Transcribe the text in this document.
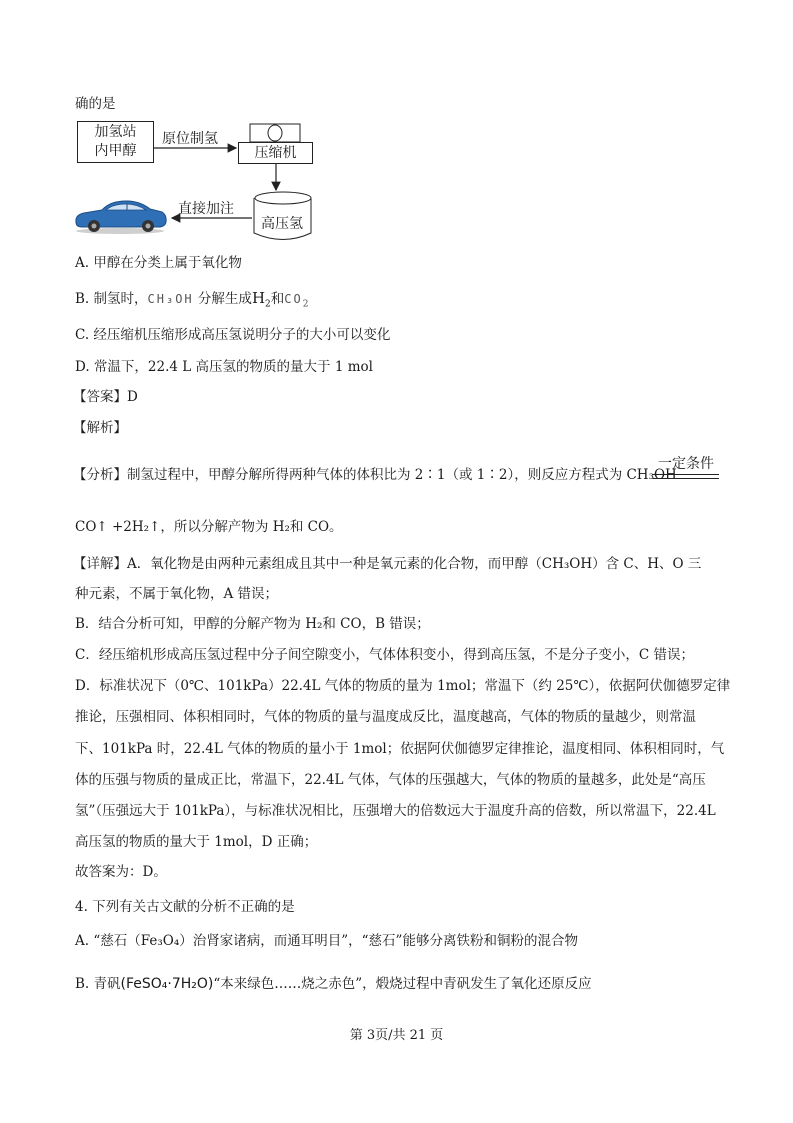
确的是
加氢站
内甲醇
原位制氢
压缩机
高压氢
直接加注
A. 甲醇在分类上属于氧化物
B. 制氢时，CH₃OH 分解生成$H_2$和$CO_2$
C. 经压缩机压缩形成高压氢说明分子的大小可以变化
D. 常温下，22.4 L 高压氢的物质的量大于 1 mol
【答案】D
【解析】
【分析】制氢过程中，甲醇分解所得两种气体的体积比为 2∶1（或 1∶2），则反应方程式为 CH₃OH
一定条件
CO↑ +2H₂↑，所以分解产物为 H₂和 CO。
【详解】A．氧化物是由两种元素组成且其中一种是氧元素的化合物，而甲醇（CH₃OH）含 C、H、O 三
种元素，不属于氧化物，A 错误；
B．结合分析可知，甲醇的分解产物为 H₂和 CO，B 错误；
C．经压缩机形成高压氢过程中分子间空隙变小，气体体积变小，得到高压氢，不是分子变小，C 错误；
D．标准状况下（0℃、101kPa）22.4L 气体的物质的量为 1mol；常温下（约 25℃），依据阿伏伽德罗定律
推论，压强相同、体积相同时，气体的物质的量与温度成反比，温度越高，气体的物质的量越少，则常温
下、101kPa 时，22.4L 气体的物质的量小于 1mol；依据阿伏伽德罗定律推论，温度相同、体积相同时，气
体的压强与物质的量成正比，常温下，22.4L 气体，气体的压强越大，气体的物质的量越多，此处是“高压
氢”（压强远大于 101kPa），与标准状况相比，压强增大的倍数远大于温度升高的倍数，所以常温下，22.4L
高压氢的物质的量大于 1mol，D 正确；
故答案为：D。
4. 下列有关古文献的分析不正确的是
A. “慈石（Fe₃O₄）治肾家诸病，而通耳明目”，“慈石”能够分离铁粉和铜粉的混合物
B. 青矾(FeSO₄·7H₂O)“本来绿色……烧之赤色”，煅烧过程中青矾发生了氧化还原反应
第 3页/共 21 页
